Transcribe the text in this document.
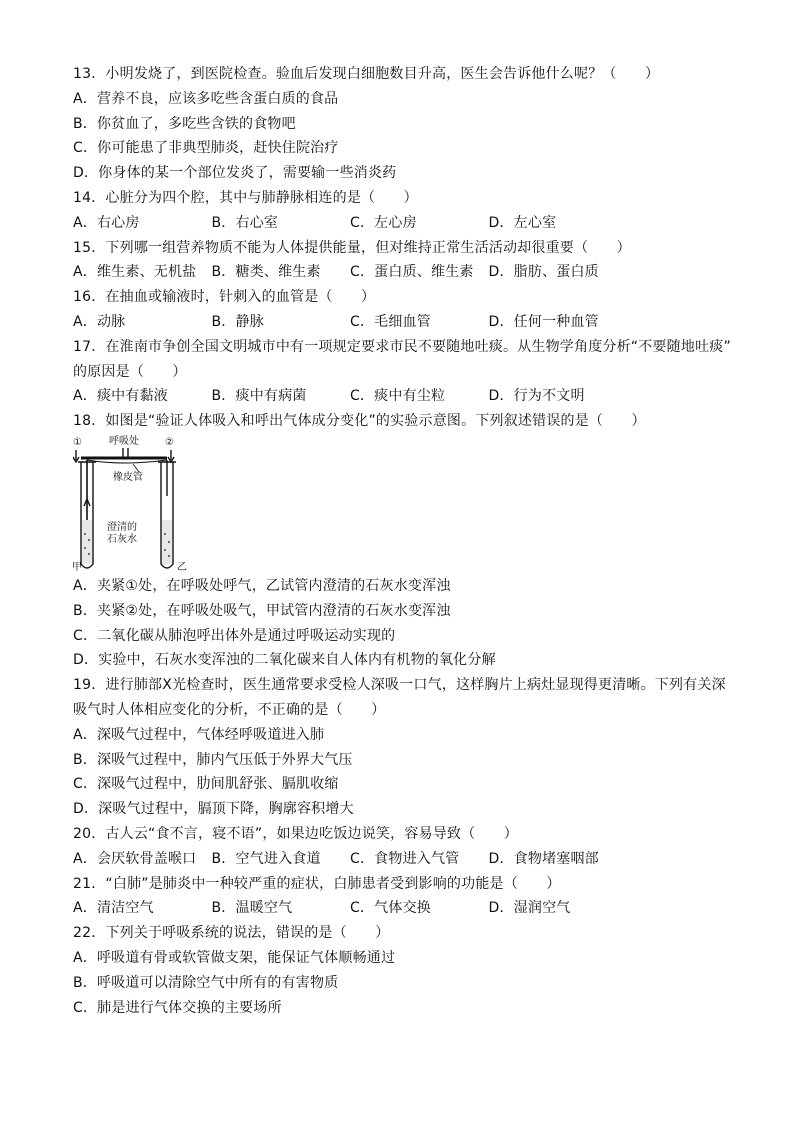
13．小明发烧了，到医院检查。验血后发现白细胞数目升高，医生会告诉他什么呢？（　　）
A．营养不良，应该多吃些含蛋白质的食品
B．你贫血了，多吃些含铁的食物吧
C．你可能患了非典型肺炎，赶快住院治疗
D．你身体的某一个部位发炎了，需要输一些消炎药
14．心脏分为四个腔，其中与肺静脉相连的是（　　）
A．右心房	B．右心室	C．左心房	D．左心室
15．下列哪一组营养物质不能为人体提供能量，但对维持正常生活活动却很重要（　　）
A．维生素、无机盐	B．糖类、维生素	C．蛋白质、维生素	D．脂肪、蛋白质
16．在抽血或输液时，针刺入的血管是（　　）
A．动脉	B．静脉	C．毛细血管	D．任何一种血管
17．在淮南市争创全国文明城市中有一项规定要求市民不要随地吐痰。从生物学角度分析“不要随地吐痰”
的原因是（　　）
A．痰中有黏液	B．痰中有病菌	C．痰中有尘粒	D．行为不文明
18．如图是“验证人体吸入和呼出气体成分变化”的实验示意图。下列叙述错误的是（　　）
①	②
呼吸处
橡皮管
澄清的
石灰水
甲	乙
A．夹紧①处，在呼吸处呼气，乙试管内澄清的石灰水变浑浊
B．夹紧②处，在呼吸处吸气，甲试管内澄清的石灰水变浑浊
C．二氧化碳从肺泡呼出体外是通过呼吸运动实现的
D．实验中，石灰水变浑浊的二氧化碳来自人体内有机物的氧化分解
19．进行肺部X光检查时，医生通常要求受检人深吸一口气，这样胸片上病灶显现得更清晰。下列有关深
吸气时人体相应变化的分析，不正确的是（　　）
A．深吸气过程中，气体经呼吸道进入肺
B．深吸气过程中，肺内气压低于外界大气压
C．深吸气过程中，肋间肌舒张、膈肌收缩
D．深吸气过程中，膈顶下降，胸廓容积增大
20．古人云“食不言，寝不语”，如果边吃饭边说笑，容易导致（　　）
A．会厌软骨盖喉口	B．空气进入食道	C．食物进入气管	D．食物堵塞咽部
21．“白肺”是肺炎中一种较严重的症状，白肺患者受到影响的功能是（　　）
A．清洁空气	B．温暖空气	C．气体交换	D．湿润空气
22．下列关于呼吸系统的说法，错误的是（　　）
A．呼吸道有骨或软管做支架，能保证气体顺畅通过
B．呼吸道可以清除空气中所有的有害物质
C．肺是进行气体交换的主要场所
